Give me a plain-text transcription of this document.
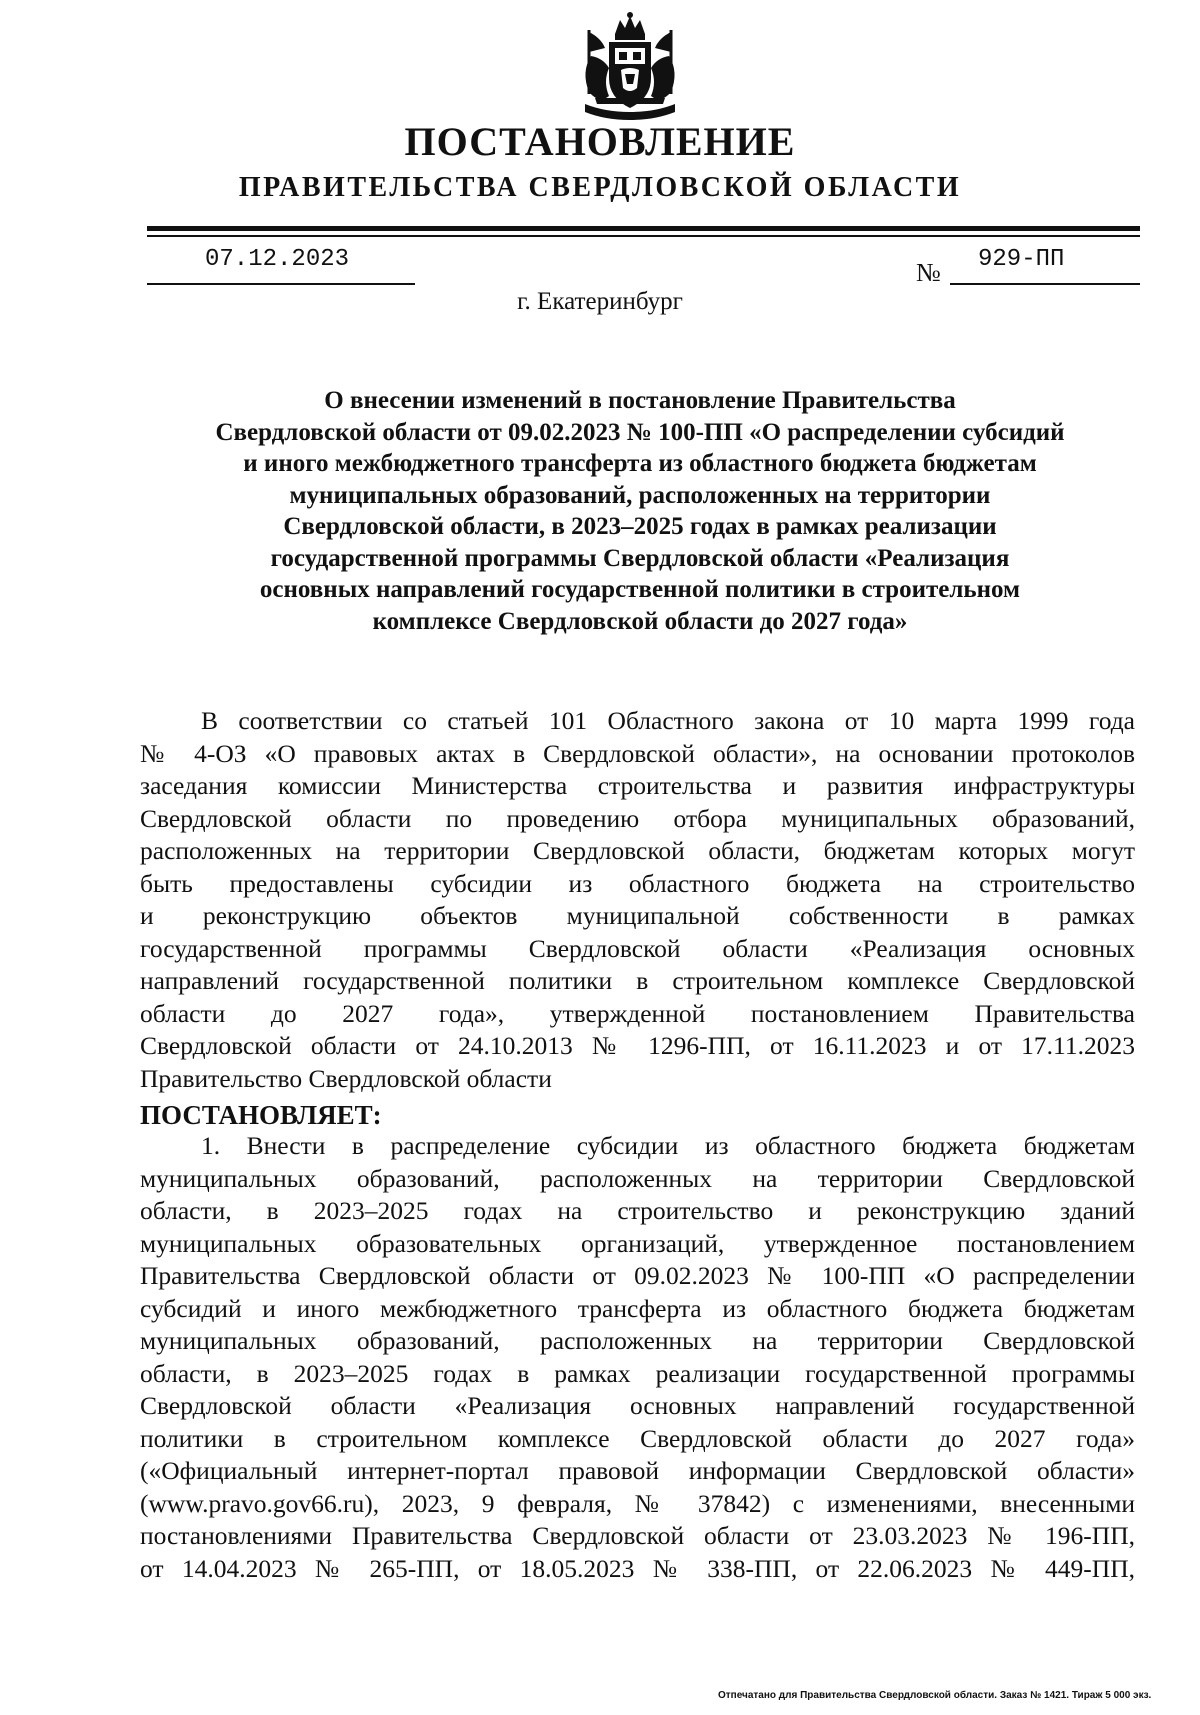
ПОСТАНОВЛЕНИЕ
ПРАВИТЕЛЬСТВА СВЕРДЛОВСКОЙ ОБЛАСТИ
07.12.2023	№ 929-ПП
г. Екатеринбург
О внесении изменений в постановление Правительства
Свердловской области от 09.02.2023 № 100-ПП «О распределении субсидий
и иного межбюджетного трансферта из областного бюджета бюджетам
муниципальных образований, расположенных на территории
Свердловской области, в 2023–2025 годах в рамках реализации
государственной программы Свердловской области «Реализация
основных направлений государственной политики в строительном
комплексе Свердловской области до 2027 года»
В соответствии со статьей 101 Областного закона от 10 марта 1999 года
№ 4-ОЗ «О правовых актах в Свердловской области», на основании протоколов
заседания комиссии Министерства строительства и развития инфраструктуры
Свердловской области по проведению отбора муниципальных образований,
расположенных на территории Свердловской области, бюджетам которых могут
быть предоставлены субсидии из областного бюджета на строительство
и реконструкцию объектов муниципальной собственности в рамках
государственной программы Свердловской области «Реализация основных
направлений государственной политики в строительном комплексе Свердловской
области до 2027 года», утвержденной постановлением Правительства
Свердловской области от 24.10.2013 № 1296-ПП, от 16.11.2023 и от 17.11.2023
Правительство Свердловской области
ПОСТАНОВЛЯЕТ:
1. Внести в распределение субсидии из областного бюджета бюджетам
муниципальных образований, расположенных на территории Свердловской
области, в 2023–2025 годах на строительство и реконструкцию зданий
муниципальных образовательных организаций, утвержденное постановлением
Правительства Свердловской области от 09.02.2023 № 100-ПП «О распределении
субсидий и иного межбюджетного трансферта из областного бюджета бюджетам
муниципальных образований, расположенных на территории Свердловской
области, в 2023–2025 годах в рамках реализации государственной программы
Свердловской области «Реализация основных направлений государственной
политики в строительном комплексе Свердловской области до 2027 года»
(«Официальный интернет-портал правовой информации Свердловской области»
(www.pravo.gov66.ru), 2023, 9 февраля, № 37842) с изменениями, внесенными
постановлениями Правительства Свердловской области от 23.03.2023 № 196-ПП,
от 14.04.2023 № 265-ПП, от 18.05.2023 № 338-ПП, от 22.06.2023 № 449-ПП,
Отпечатано для Правительства Свердловской области. Заказ № 1421. Тираж 5 000 экз.
